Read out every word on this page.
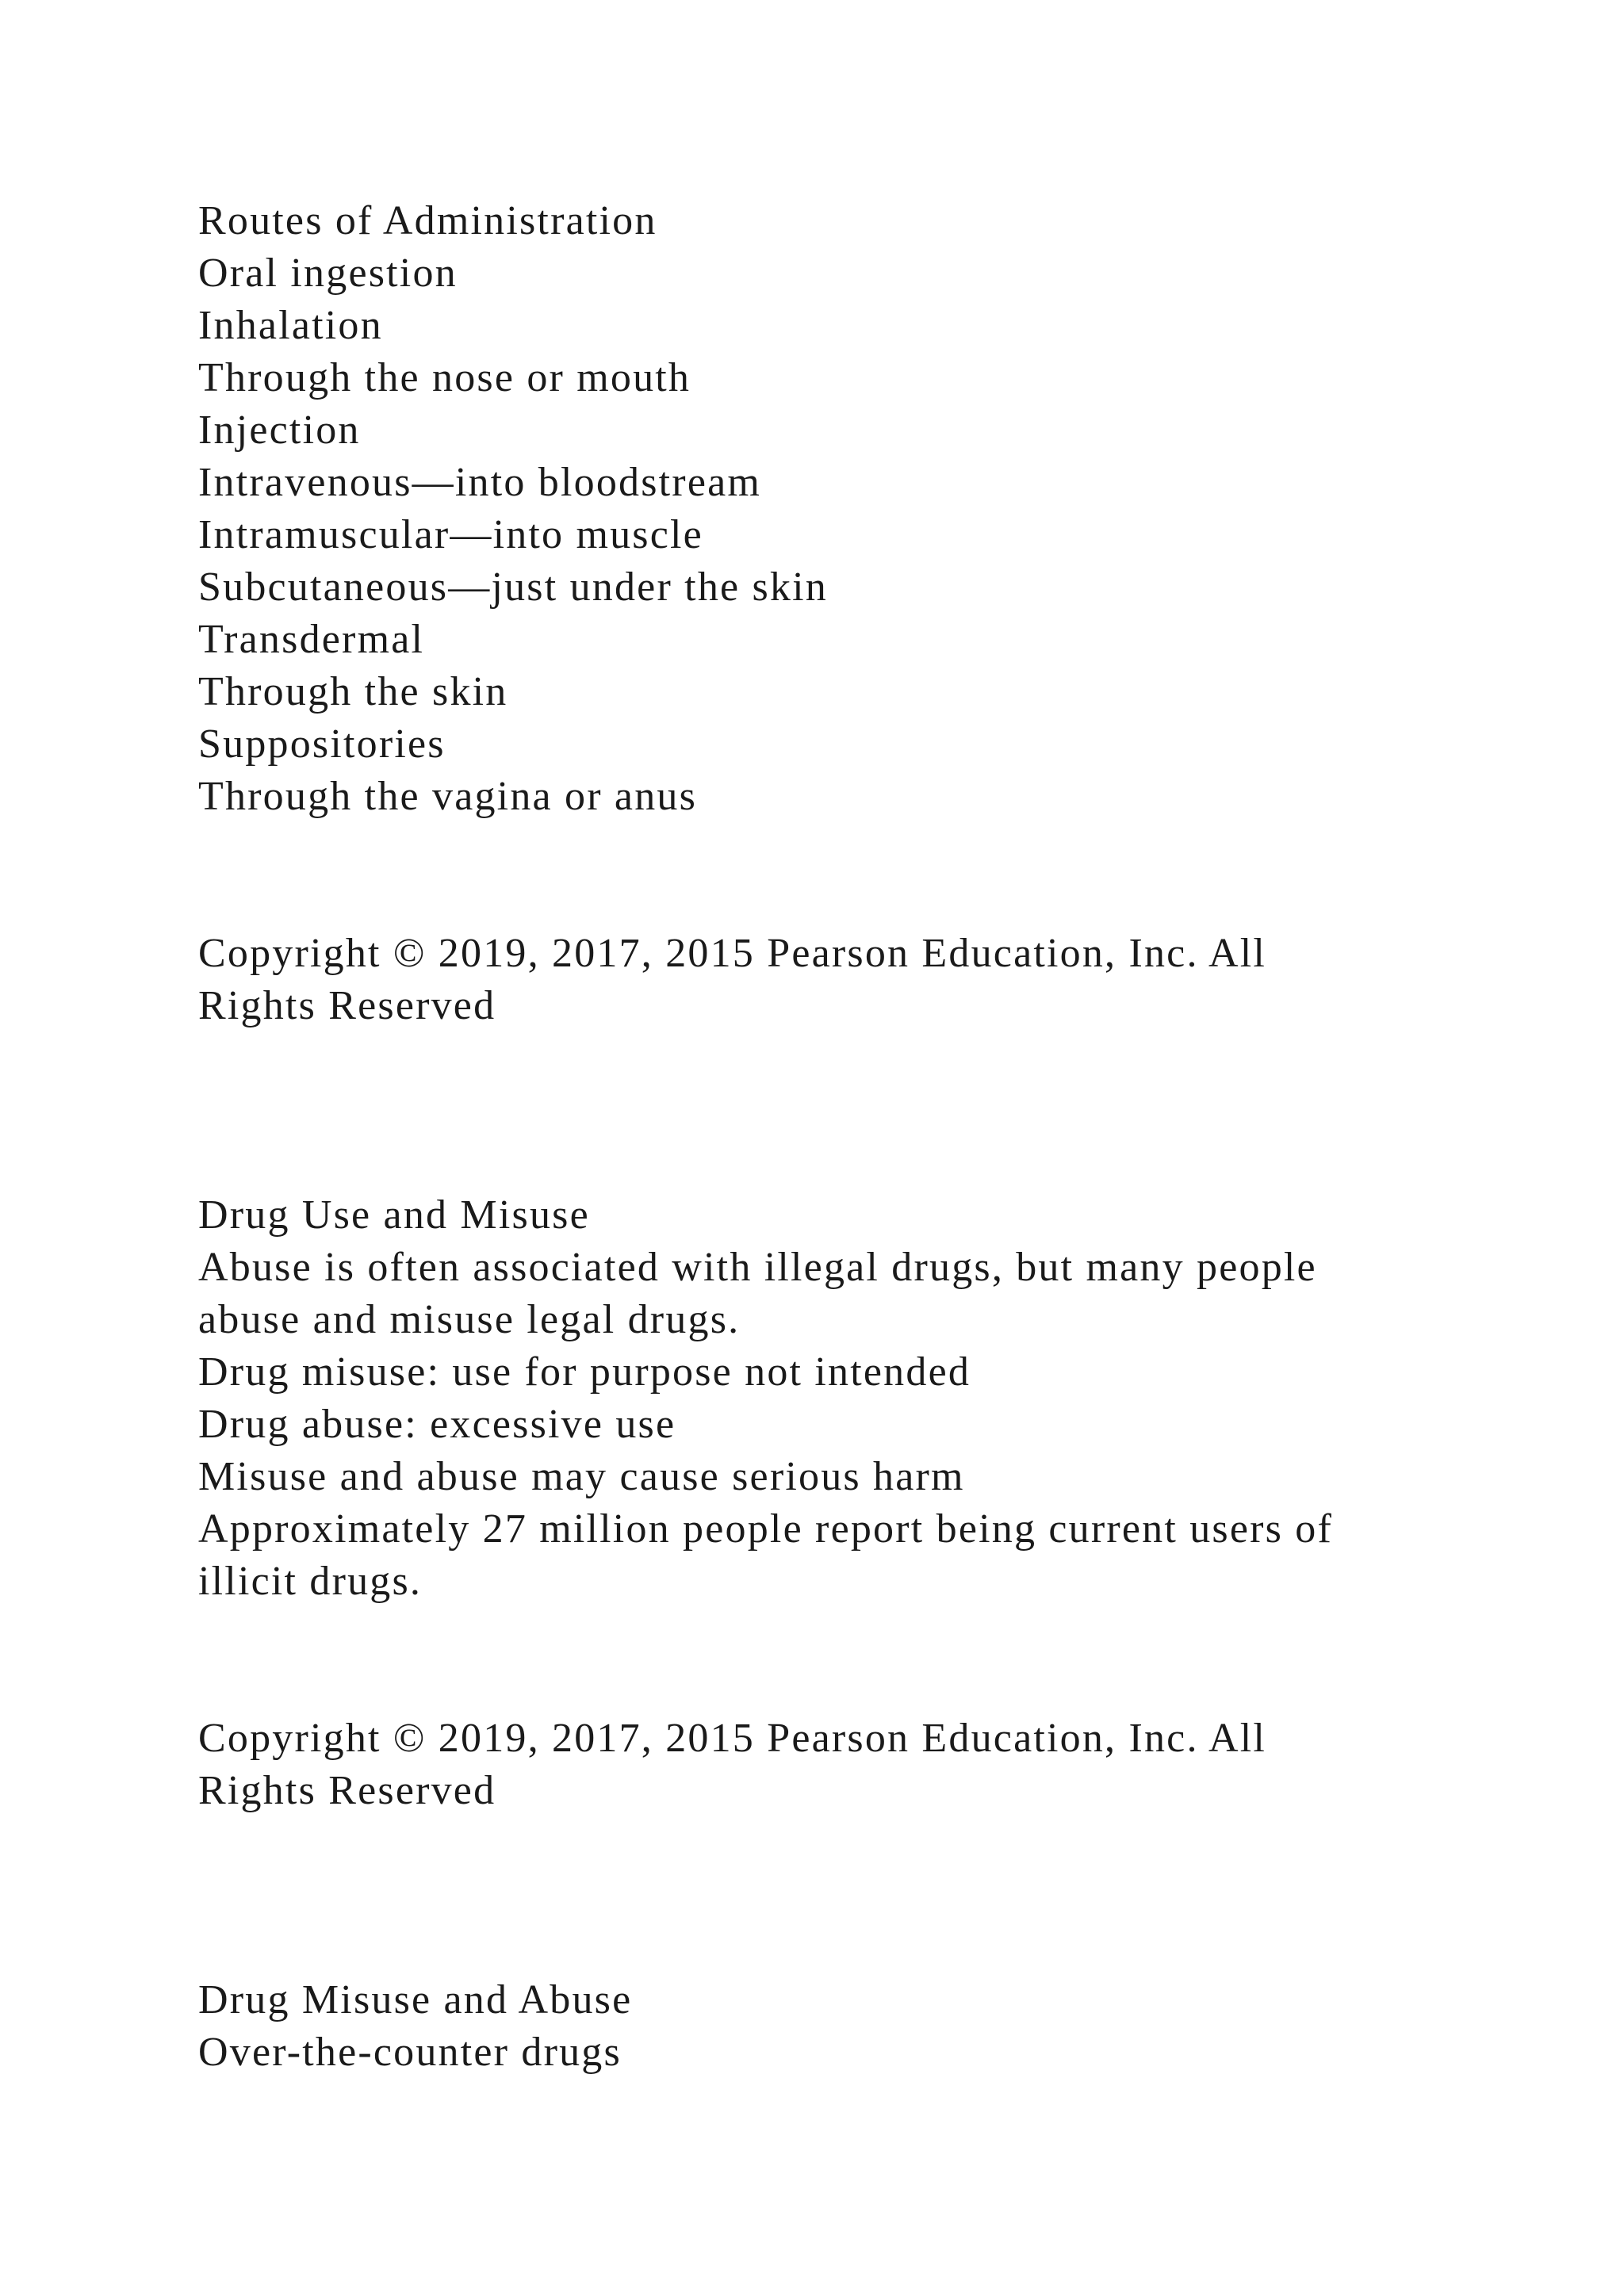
Routes of Administration

Oral ingestion

Inhalation

Through the nose or mouth

Injection

Intravenous—into bloodstream

Intramuscular—into muscle

Subcutaneous—just under the skin

Transdermal

Through the skin

Suppositories

Through the vagina or anus

Copyright © 2019, 2017, 2015 Pearson Education, Inc. All

Rights Reserved

Drug Use and Misuse

Abuse is often associated with illegal drugs, but many people

abuse and misuse legal drugs.

Drug misuse: use for purpose not intended

Drug abuse: excessive use

Misuse and abuse may cause serious harm

Approximately 27 million people report being current users of

illicit drugs.

Copyright © 2019, 2017, 2015 Pearson Education, Inc. All

Rights Reserved

Drug Misuse and Abuse

Over-the-counter drugs
